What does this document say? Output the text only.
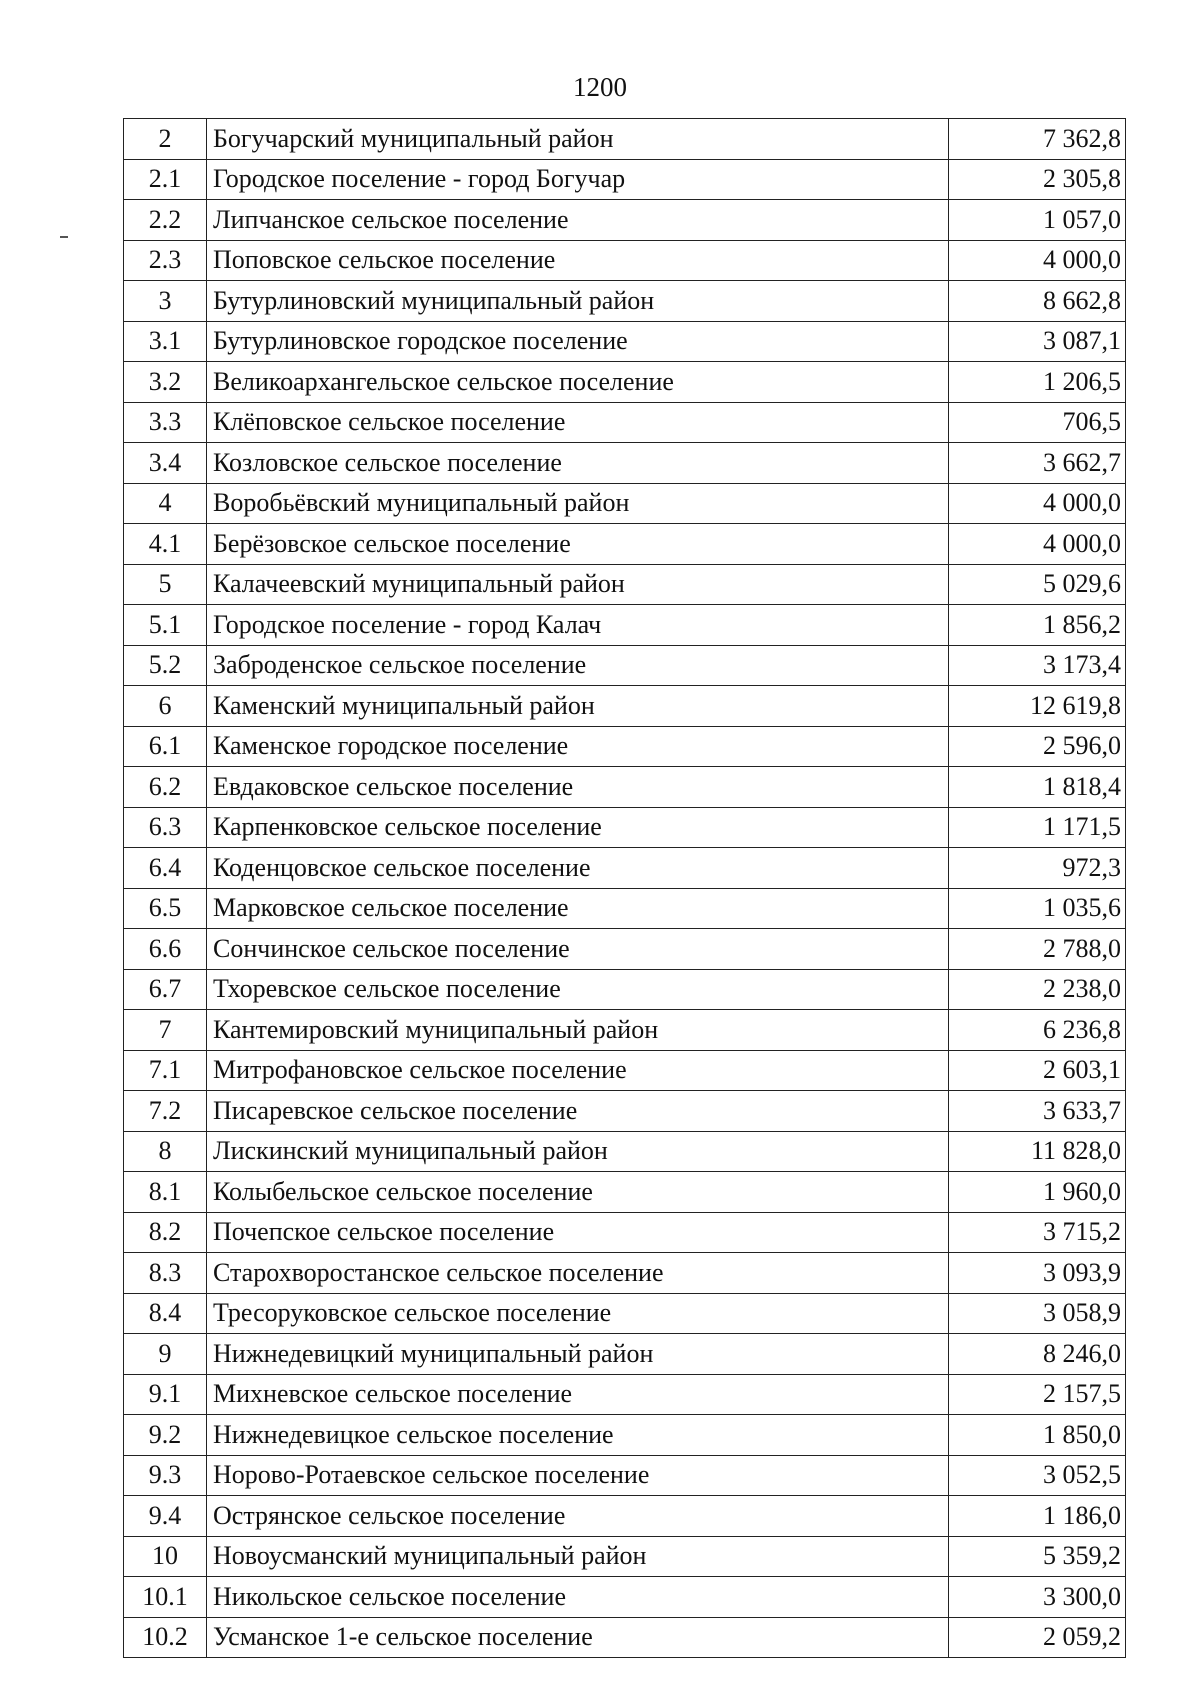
1200
2	Богучарский муниципальный район	7 362,8
2.1	Городское поселение - город Богучар	2 305,8
2.2	Липчанское сельское поселение	1 057,0
2.3	Поповское сельское поселение	4 000,0
3	Бутурлиновский муниципальный район	8 662,8
3.1	Бутурлиновское городское поселение	3 087,1
3.2	Великоархангельское сельское поселение	1 206,5
3.3	Клёповское сельское поселение	706,5
3.4	Козловское сельское поселение	3 662,7
4	Воробьёвский муниципальный район	4 000,0
4.1	Берёзовское сельское поселение	4 000,0
5	Калачеевский муниципальный район	5 029,6
5.1	Городское поселение - город Калач	1 856,2
5.2	Заброденское сельское поселение	3 173,4
6	Каменский муниципальный район	12 619,8
6.1	Каменское городское поселение	2 596,0
6.2	Евдаковское сельское поселение	1 818,4
6.3	Карпенковское сельское поселение	1 171,5
6.4	Коденцовское сельское поселение	972,3
6.5	Марковское сельское поселение	1 035,6
6.6	Сончинское сельское поселение	2 788,0
6.7	Тхоревское сельское поселение	2 238,0
7	Кантемировский муниципальный район	6 236,8
7.1	Митрофановское сельское поселение	2 603,1
7.2	Писаревское сельское поселение	3 633,7
8	Лискинский муниципальный район	11 828,0
8.1	Колыбельское сельское поселение	1 960,0
8.2	Почепское сельское поселение	3 715,2
8.3	Старохворостанское сельское поселение	3 093,9
8.4	Тресоруковское сельское поселение	3 058,9
9	Нижнедевицкий муниципальный район	8 246,0
9.1	Михневское сельское поселение	2 157,5
9.2	Нижнедевицкое сельское поселение	1 850,0
9.3	Норово-Ротаевское сельское поселение	3 052,5
9.4	Острянское сельское поселение	1 186,0
10	Новоусманский муниципальный район	5 359,2
10.1	Никольское сельское поселение	3 300,0
10.2	Усманское 1-е сельское поселение	2 059,2
